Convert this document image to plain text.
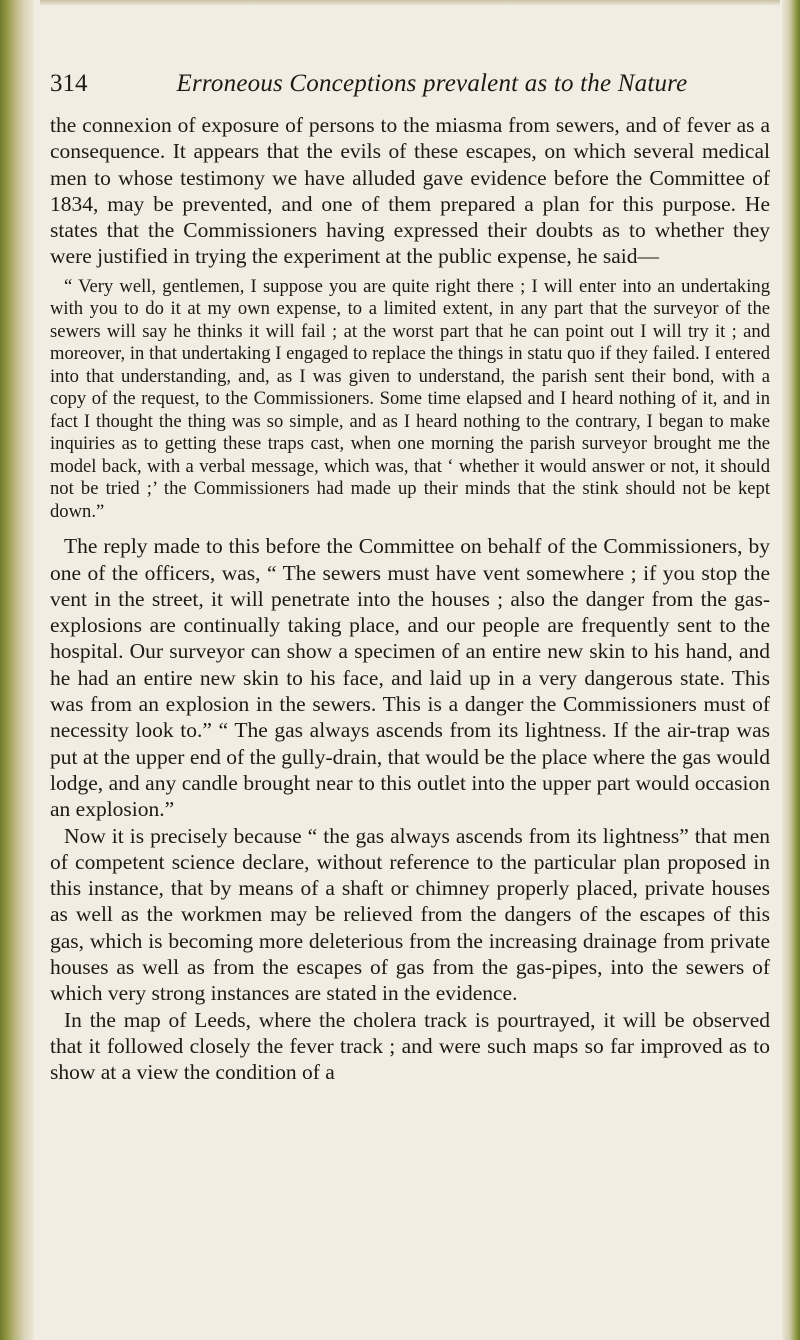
314	Erroneous Conceptions prevalent as to the Nature

the connexion of exposure of persons to the miasma from sewers, and of fever as a consequence. It appears that the evils of these escapes, on which several medical men to whose testimony we have alluded gave evidence before the Committee of 1834, may be prevented, and one of them prepared a plan for this purpose. He states that the Commissioners having expressed their doubts as to whether they were justified in trying the experiment at the public expense, he said—

“ Very well, gentlemen, I suppose you are quite right there ; I will enter into an undertaking with you to do it at my own expense, to a limited extent, in any part that the surveyor of the sewers will say he thinks it will fail ; at the worst part that he can point out I will try it ; and moreover, in that undertaking I engaged to replace the things in statu quo if they failed. I entered into that understanding, and, as I was given to understand, the parish sent their bond, with a copy of the request, to the Commissioners. Some time elapsed and I heard nothing of it, and in fact I thought the thing was so simple, and as I heard nothing to the contrary, I began to make inquiries as to getting these traps cast, when one morning the parish surveyor brought me the model back, with a verbal message, which was, that ‘ whether it would answer or not, it should not be tried ;’ the Commissioners had made up their minds that the stink should not be kept down.”

The reply made to this before the Committee on behalf of the Commissioners, by one of the officers, was, “ The sewers must have vent somewhere ; if you stop the vent in the street, it will penetrate into the houses ; also the danger from the gas-explosions are continually taking place, and our people are frequently sent to the hospital. Our surveyor can show a specimen of an entire new skin to his hand, and he had an entire new skin to his face, and laid up in a very dangerous state. This was from an explosion in the sewers. This is a danger the Commissioners must of necessity look to.” “ The gas always ascends from its lightness. If the air-trap was put at the upper end of the gully-drain, that would be the place where the gas would lodge, and any candle brought near to this outlet into the upper part would occasion an explosion.”

Now it is precisely because “ the gas always ascends from its lightness” that men of competent science declare, without reference to the particular plan proposed in this instance, that by means of a shaft or chimney properly placed, private houses as well as the workmen may be relieved from the dangers of the escapes of this gas, which is becoming more deleterious from the increasing drainage from private houses as well as from the escapes of gas from the gas-pipes, into the sewers of which very strong instances are stated in the evidence.

In the map of Leeds, where the cholera track is pourtrayed, it will be observed that it followed closely the fever track ; and were such maps so far improved as to show at a view the condition of a
